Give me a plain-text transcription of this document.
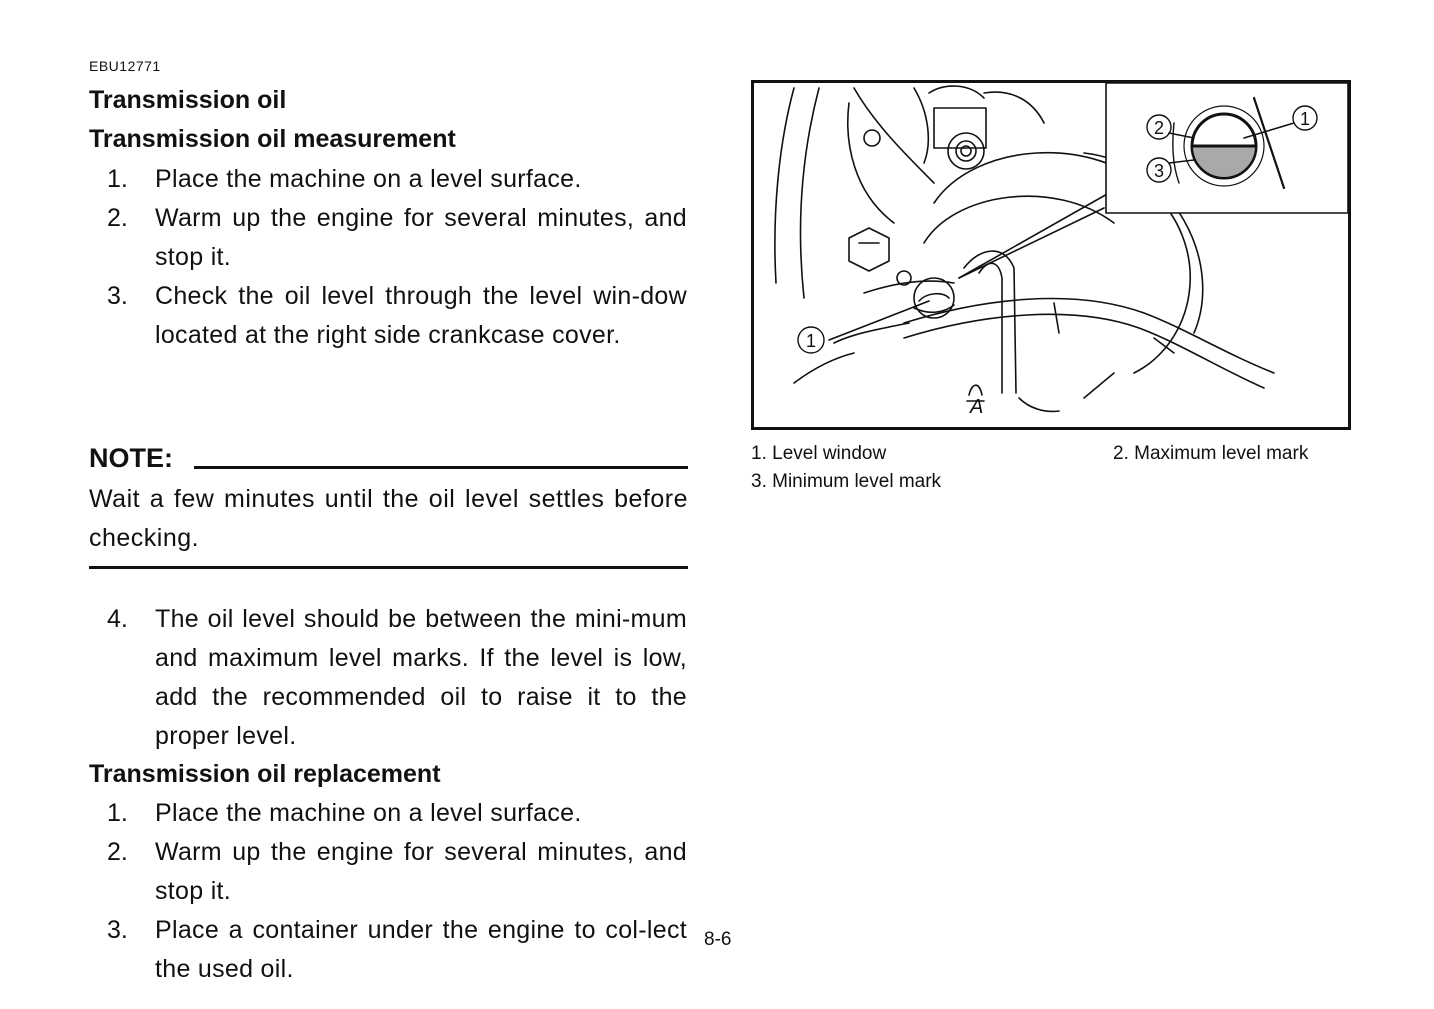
EBU12771
Transmission oil
Transmission oil measurement
1. Place the machine on a level surface.
2. Warm up the engine for several minutes, and stop it.
3. Check the oil level through the level win-dow located at the right side crankcase cover.
NOTE:
Wait a few minutes until the oil level settles before checking.
4. The oil level should be between the mini-mum and maximum level marks. If the level is low, add the recommended oil to raise it to the proper level.
Transmission oil replacement
1. Place the machine on a level surface.
2. Warm up the engine for several minutes, and stop it.
3. Place a container under the engine to col-lect the used oil.
2
3
1
1
A
1. Level window	2. Maximum level mark
3. Minimum level mark
8-6
